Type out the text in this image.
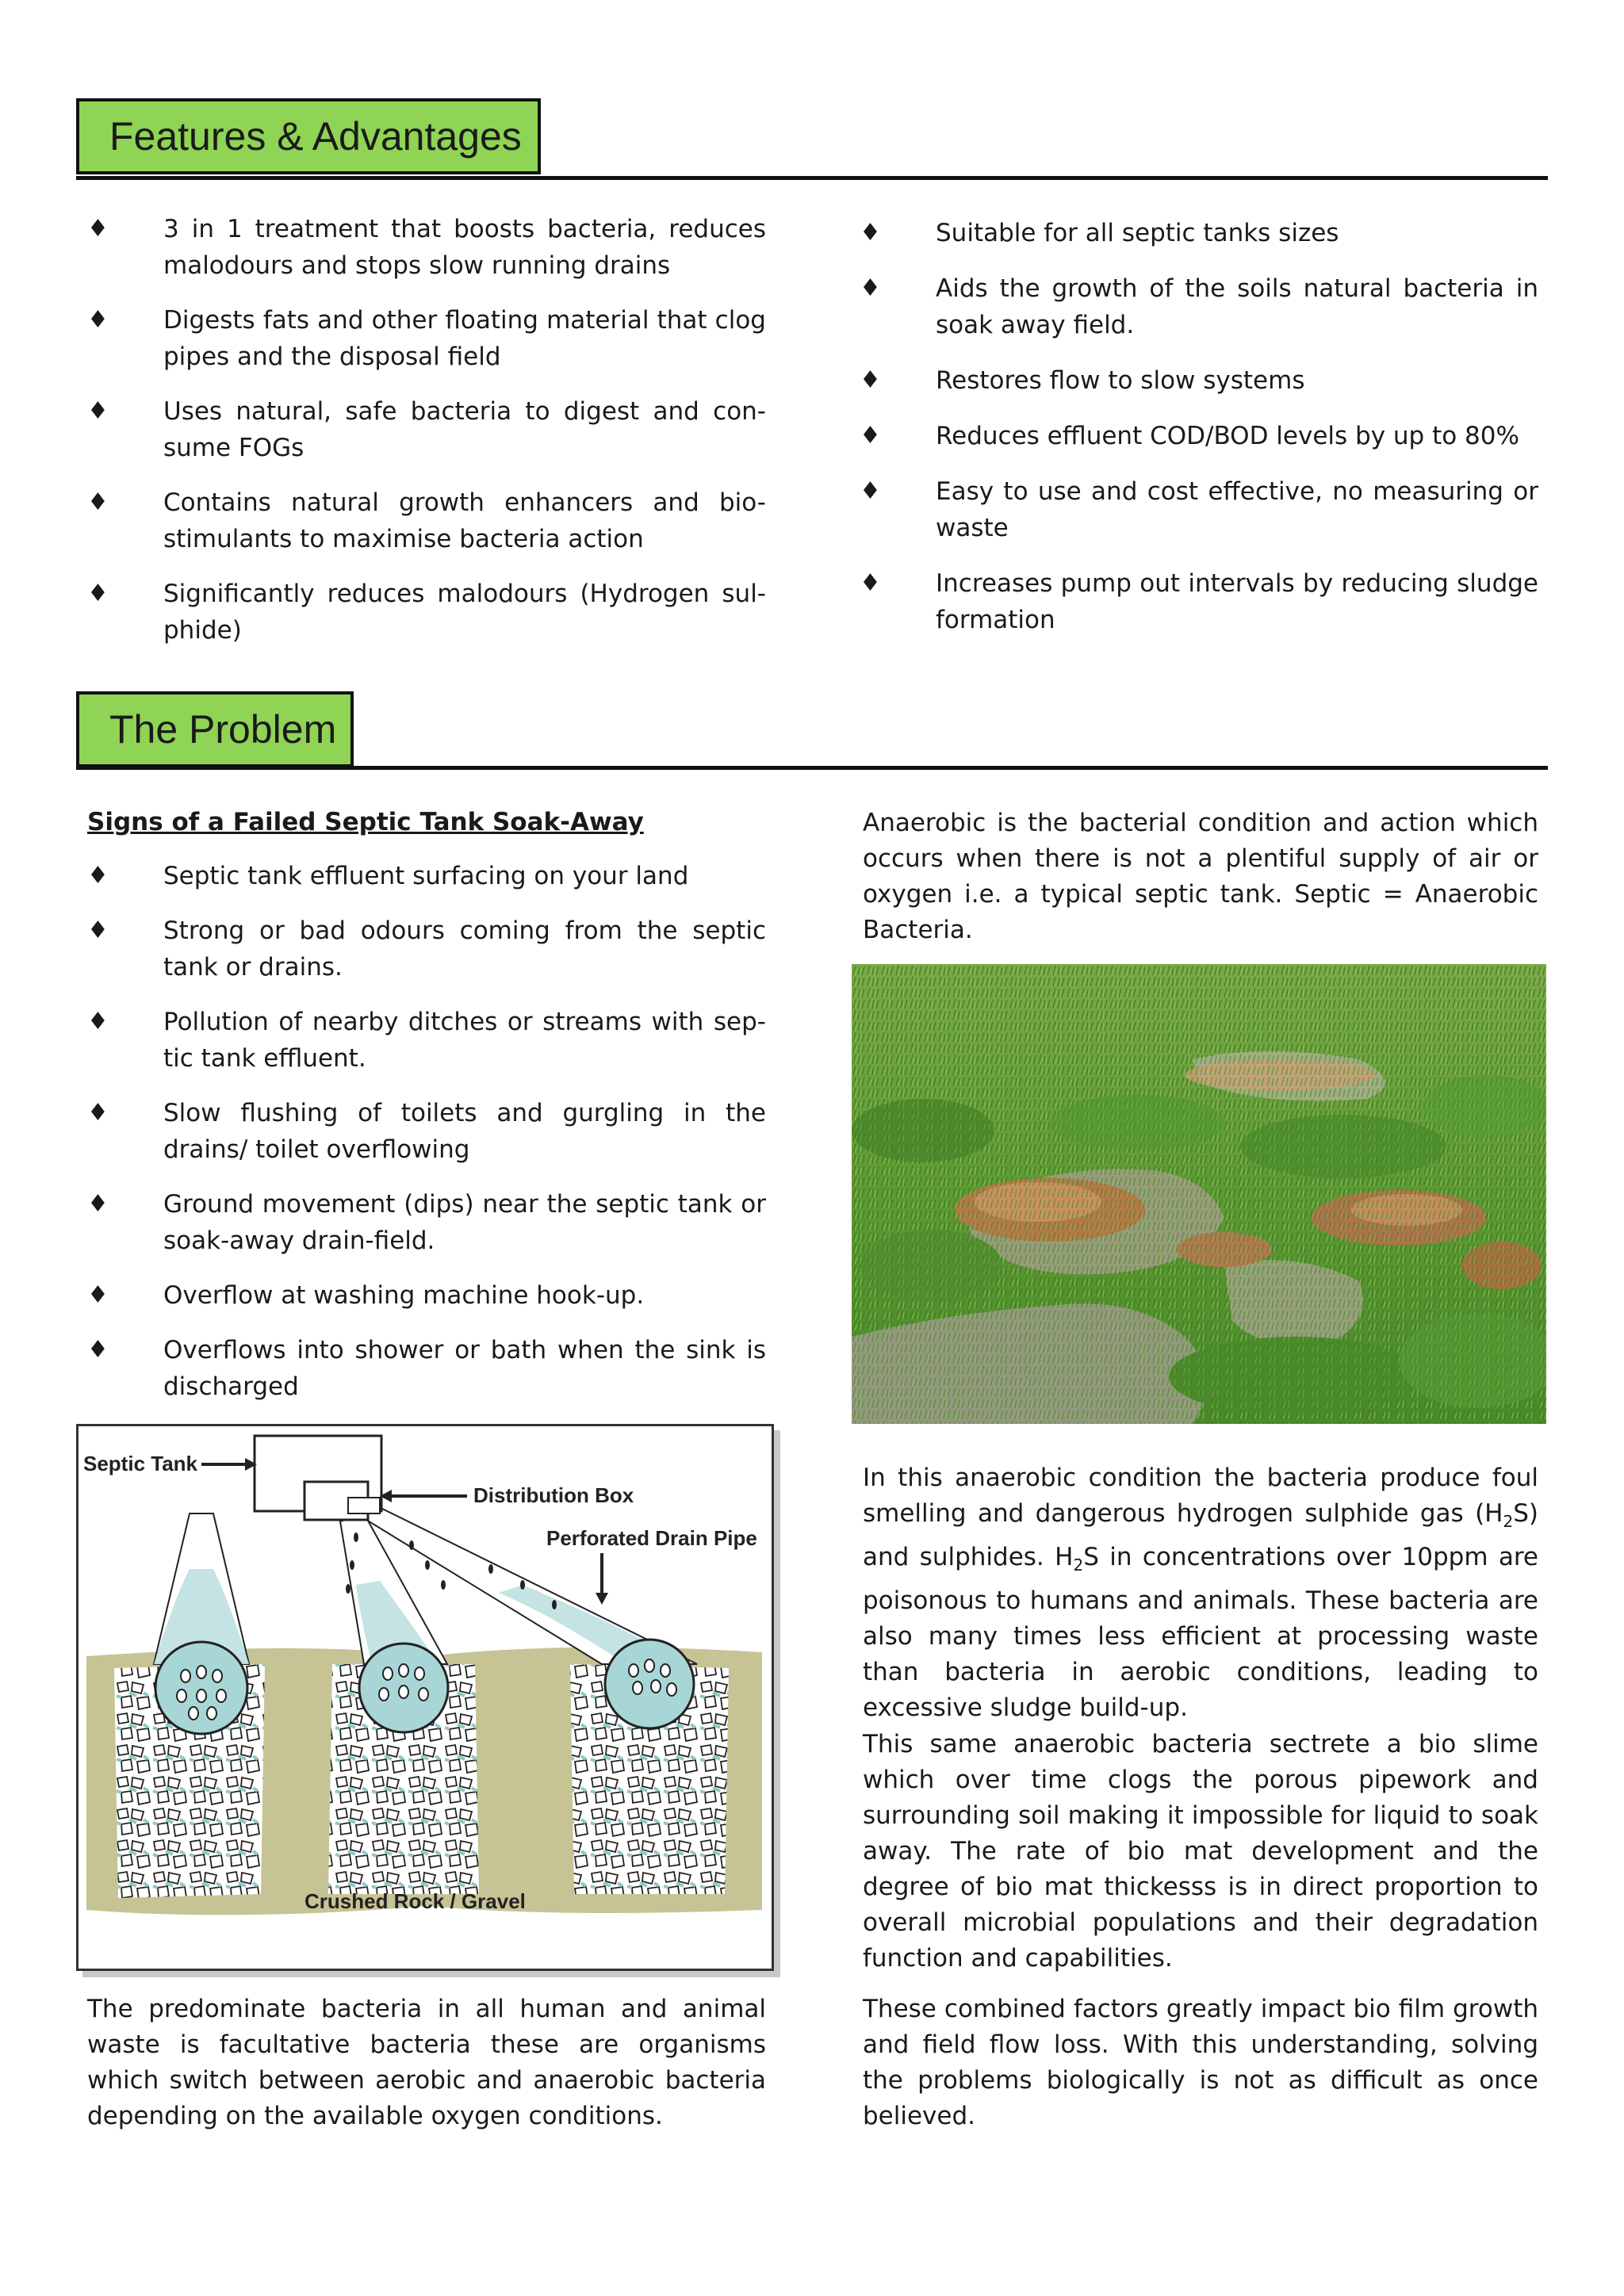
Features & Advantages
♦ 3 in 1 treatment that boosts bacteria, reduces malodours and stops slow running drains
♦ Digests fats and other floating material that clog pipes and the disposal field
♦ Uses natural, safe bacteria to digest and con-sume FOGs
♦ Contains natural growth enhancers and bio-stimulants to maximise bacteria action
♦ Significantly reduces malodours (Hydrogen sul-phide)
♦ Suitable for all septic tanks sizes
♦ Aids the growth of the soils natural bacteria in soak away field.
♦ Restores flow to slow systems
♦ Reduces effluent COD/BOD levels by up to 80%
♦ Easy to use and cost effective, no measuring or waste
♦ Increases pump out intervals by reducing sludge formation
The Problem
Signs of a Failed Septic Tank Soak-Away
♦ Septic tank effluent surfacing on your land
♦ Strong or bad odours coming from the septic tank or drains.
♦ Pollution of nearby ditches or streams with sep-tic tank effluent.
♦ Slow flushing of toilets and gurgling in the drains/ toilet overflowing
♦ Ground movement (dips) near the septic tank or soak-away drain-field.
♦ Overflow at washing machine hook-up.
♦ Overflows into shower or bath when the sink is discharged

Anaerobic is the bacterial condition and action which occurs when there is not a plentiful supply of air or oxygen i.e. a typical septic tank. Septic = Anaerobic Bacteria.

In this anaerobic condition the bacteria produce foul smelling and dangerous hydrogen sulphide gas $(H_2S)$ and sulphides. $H_2S$ in concentrations over 10ppm are poisonous to humans and animals. These bacteria are also many times less efficient at processing waste than bacteria in aerobic conditions, leading to excessive sludge build-up.

This same anaerobic bacteria sectrete a bio slime which over time clogs the porous pipework and surrounding soil making it impossible for liquid to soak away. The rate of bio mat development and the degree of bio mat thickesss is in direct proportion to overall microbial populations and their degradation function and capabilities.

These combined factors greatly impact bio film growth and field flow loss. With this understanding, solving the problems biologically is not as difficult as once believed.

Septic Tank
Distribution Box
Perforated Drain Pipe
Crushed Rock / Gravel

The predominate bacteria in all human and animal waste is facultative bacteria these are organisms which switch between aerobic and anaerobic bacteria depending on the available oxygen conditions.
